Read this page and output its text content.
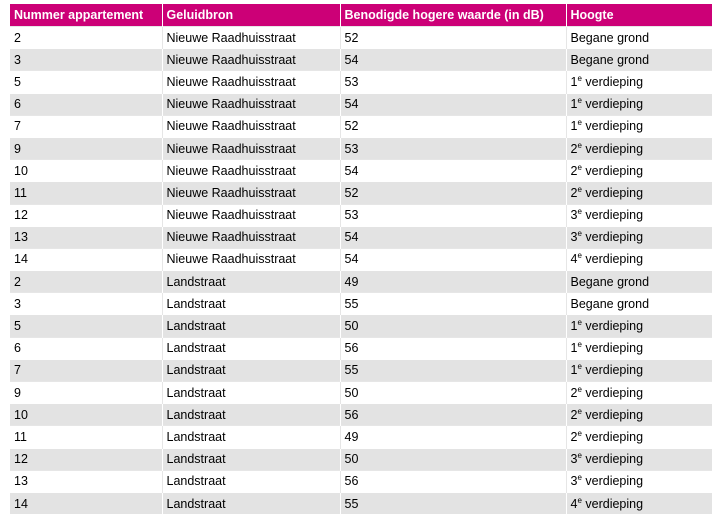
Nummer appartement	Geluidbron	Benodigde hogere waarde (in dB)	Hoogte
2	Nieuwe Raadhuisstraat	52	Begane grond
3	Nieuwe Raadhuisstraat	54	Begane grond
5	Nieuwe Raadhuisstraat	53	1e verdieping
6	Nieuwe Raadhuisstraat	54	1e verdieping
7	Nieuwe Raadhuisstraat	52	1e verdieping
9	Nieuwe Raadhuisstraat	53	2e verdieping
10	Nieuwe Raadhuisstraat	54	2e verdieping
11	Nieuwe Raadhuisstraat	52	2e verdieping
12	Nieuwe Raadhuisstraat	53	3e verdieping
13	Nieuwe Raadhuisstraat	54	3e verdieping
14	Nieuwe Raadhuisstraat	54	4e verdieping
2	Landstraat	49	Begane grond
3	Landstraat	55	Begane grond
5	Landstraat	50	1e verdieping
6	Landstraat	56	1e verdieping
7	Landstraat	55	1e verdieping
9	Landstraat	50	2e verdieping
10	Landstraat	56	2e verdieping
11	Landstraat	49	2e verdieping
12	Landstraat	50	3e verdieping
13	Landstraat	56	3e verdieping
14	Landstraat	55	4e verdieping
